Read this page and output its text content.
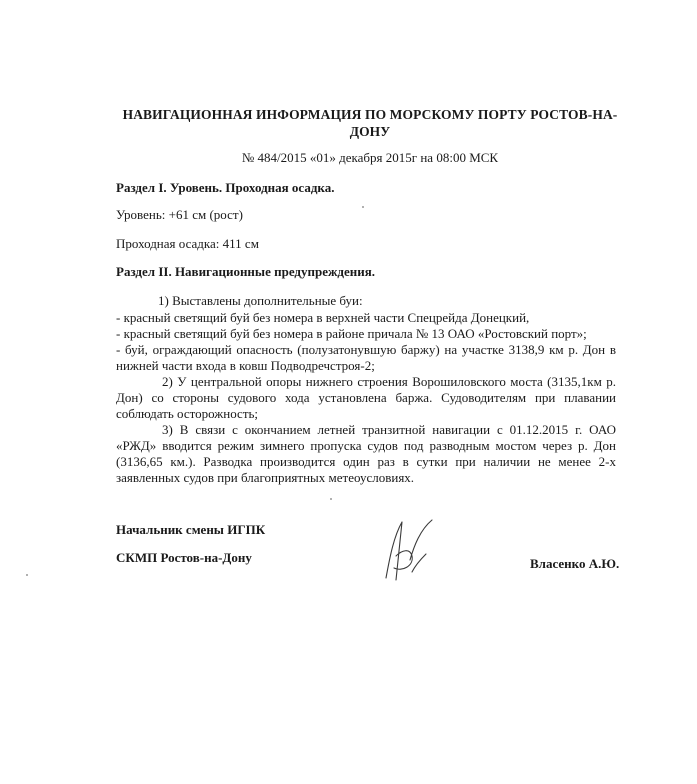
НАВИГАЦИОННАЯ ИНФОРМАЦИЯ ПО МОРСКОМУ ПОРТУ РОСТОВ-НА-ДОНУ
№ 484/2015 «01» декабря 2015г на 08:00 МСК
Раздел I. Уровень. Проходная осадка.
Уровень: +61 см (рост)
Проходная осадка: 411 см
Раздел II. Навигационные предупреждения.
1) Выставлены дополнительные буи:
- красный светящий буй без номера в верхней части Спецрейда Донецкий,
- красный светящий буй без номера в районе причала № 13 ОАО «Ростовский порт»;
- буй, ограждающий опасность (полузатонувшую баржу) на участке 3138,9 км р. Дон в нижней части входа в ковш Подводречстроя-2;
2) У центральной опоры нижнего строения Ворошиловского моста (3135,1км р. Дон) со стороны судового хода установлена баржа. Судоводителям при плавании соблюдать осторожность;
3) В связи с окончанием летней транзитной навигации с 01.12.2015 г. ОАО «РЖД» вводится режим зимнего пропуска судов под разводным мостом через р. Дон (3136,65 км.). Разводка производится один раз в сутки при наличии не менее 2-х заявленных судов при благоприятных метеоусловиях.
Начальник смены ИГПК
СКМП Ростов-на-Дону	Власенко А.Ю.
